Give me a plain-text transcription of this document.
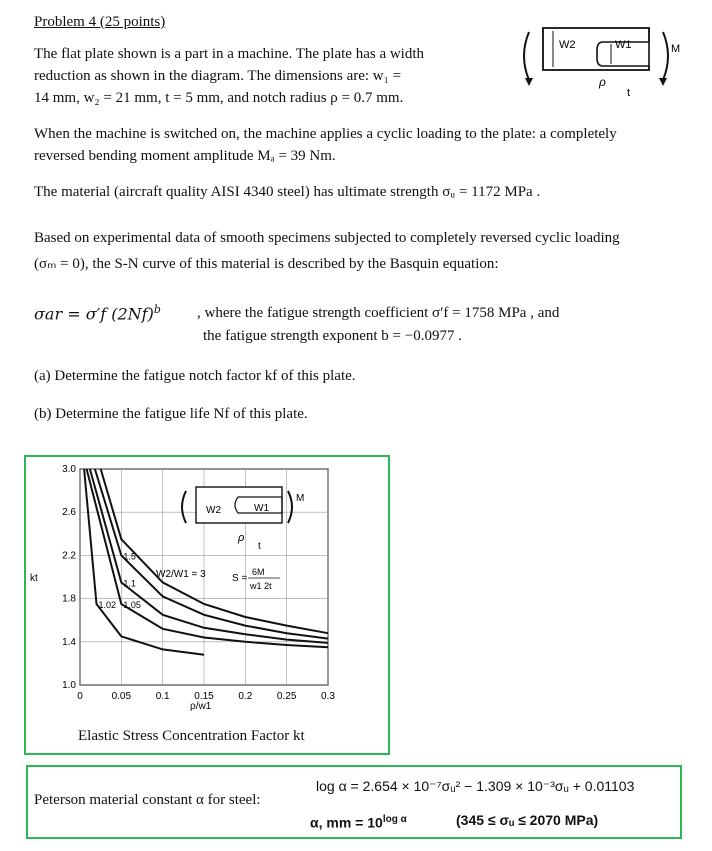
Problem 4 (25 points)
The flat plate shown is a part in a machine. The plate has a width
reduction as shown in the diagram. The dimensions are: w₁ =
14 mm, w₂ = 21 mm, t = 5 mm, and notch radius ρ = 0.7 mm.
W2	W1
ρ
t
M
When the machine is switched on, the machine applies a cyclic loading to the plate: a completely
reversed bending moment amplitude Mₐ = 39 Nm.
The material (aircraft quality AISI 4340 steel) has ultimate strength σᵤ = 1172 MPa .
Based on experimental data of smooth specimens subjected to completely reversed cyclic loading
(σₘ = 0), the S-N curve of this material is described by the Basquin equation:
σar = σ′f $(2Nf)^b$ , where the fatigue strength coefficient σ′f = 1758 MPa , and
the fatigue strength exponent b = −0.0977 .
(a) Determine the fatigue notch factor kf of this plate.
(b) Determine the fatigue life Nf of this plate.
0	0.05 0.1 0.15 0.2 0.25 0.3
1.0
1.4
1.8
2.2
2.6
3.0
1.5
1.1
1.05
1.02
W2	W1
ρ
t
M
W2/W1 = 3	S =
6M
w1 2t
kt
ρ/w1
Elastic Stress Concentration Factor kt
Peterson material constant α for steel:
log α = 2.654 × 10⁻⁷σᵤ² − 1.309 × 10⁻³σᵤ + 0.01103
α, mm = $10^{log \alpha}$	(345 ≤ σᵤ ≤ 2070 MPa)
